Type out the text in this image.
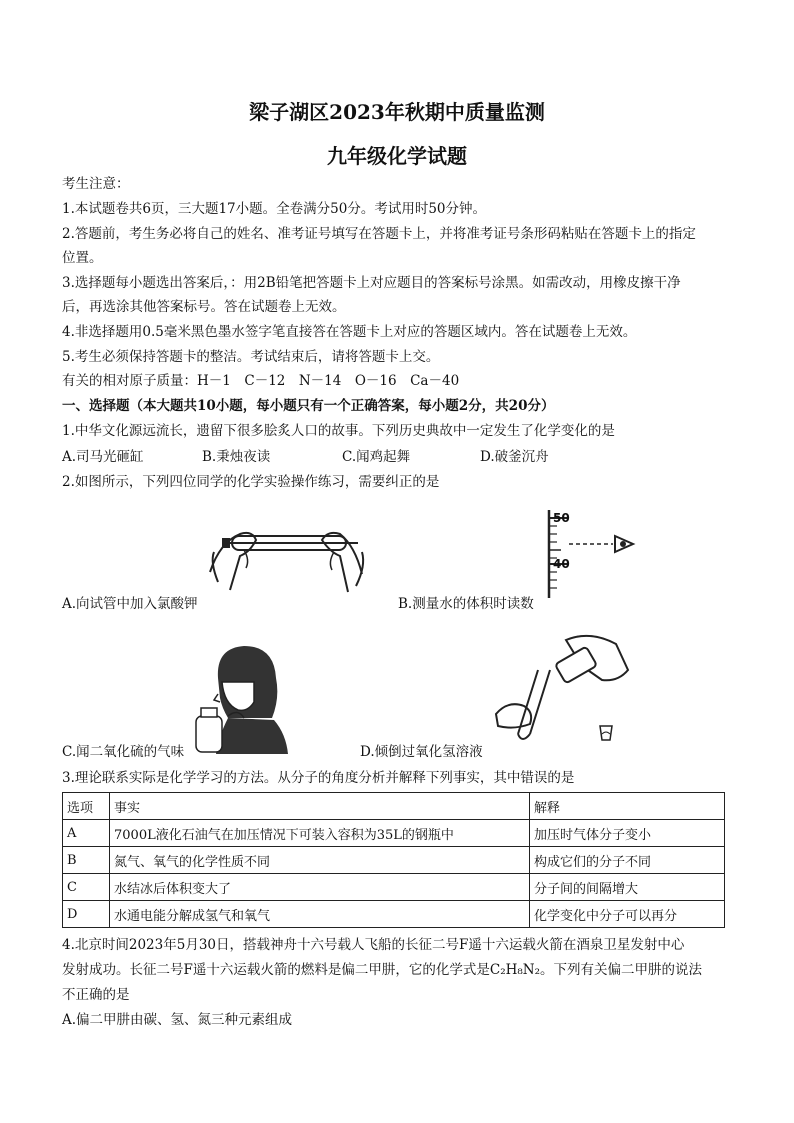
梁子湖区2023年秋期中质量监测
九年级化学试题
考生注意：
1.本试题卷共6页，三大题17小题。全卷满分50分。考试用时50分钟。
2.答题前，考生务必将自己的姓名、准考证号填写在答题卡上，并将准考证号条形码粘贴在答题卡上的指定
位置。
3.选择题每小题选出答案后，：用2B铅笔把答题卡上对应题目的答案标号涂黑。如需改动，用橡皮擦干净
后，再选涂其他答案标号。答在试题卷上无效。
4.非选择题用0.5毫米黑色墨水签字笔直接答在答题卡上对应的答题区域内。答在试题卷上无效。
5.考生必须保持答题卡的整洁。考试结束后，请将答题卡上交。
有关的相对原子质量：H－1　C－12　N－14　O－16　Ca－40
一、选择题（本大题共10小题，每小题只有一个正确答案，每小题2分，共20分）
1.中华文化源远流长，遗留下很多脍炙人口的故事。下列历史典故中一定发生了化学变化的是
A.司马光砸缸	B.秉烛夜读	C.闻鸡起舞	D.破釜沉舟
2.如图所示，下列四位同学的化学实验操作练习，需要纠正的是
50
40
A.向试管中加入氯酸钾	B.测量水的体积时读数
C.闻二氧化硫的气味	D.倾倒过氧化氢溶液
3.理论联系实际是化学学习的方法。从分子的角度分析并解释下列事实，其中错误的是
选项	事实	解释
A	7000L液化石油气在加压情况下可装入容积为35L的钢瓶中	加压时气体分子变小
B	氮气、氧气的化学性质不同	构成它们的分子不同
C	水结冰后体积变大了	分子间的间隔增大
D	水通电能分解成氢气和氧气	化学变化中分子可以再分
4.北京时间2023年5月30日，搭载神舟十六号载人飞船的长征二号F遥十六运载火箭在酒泉卫星发射中心
发射成功。长征二号F遥十六运载火箭的燃料是偏二甲肼，它的化学式是C₂H₈N₂。下列有关偏二甲肼的说法
不正确的是
A.偏二甲肼由碳、氢、氮三种元素组成
